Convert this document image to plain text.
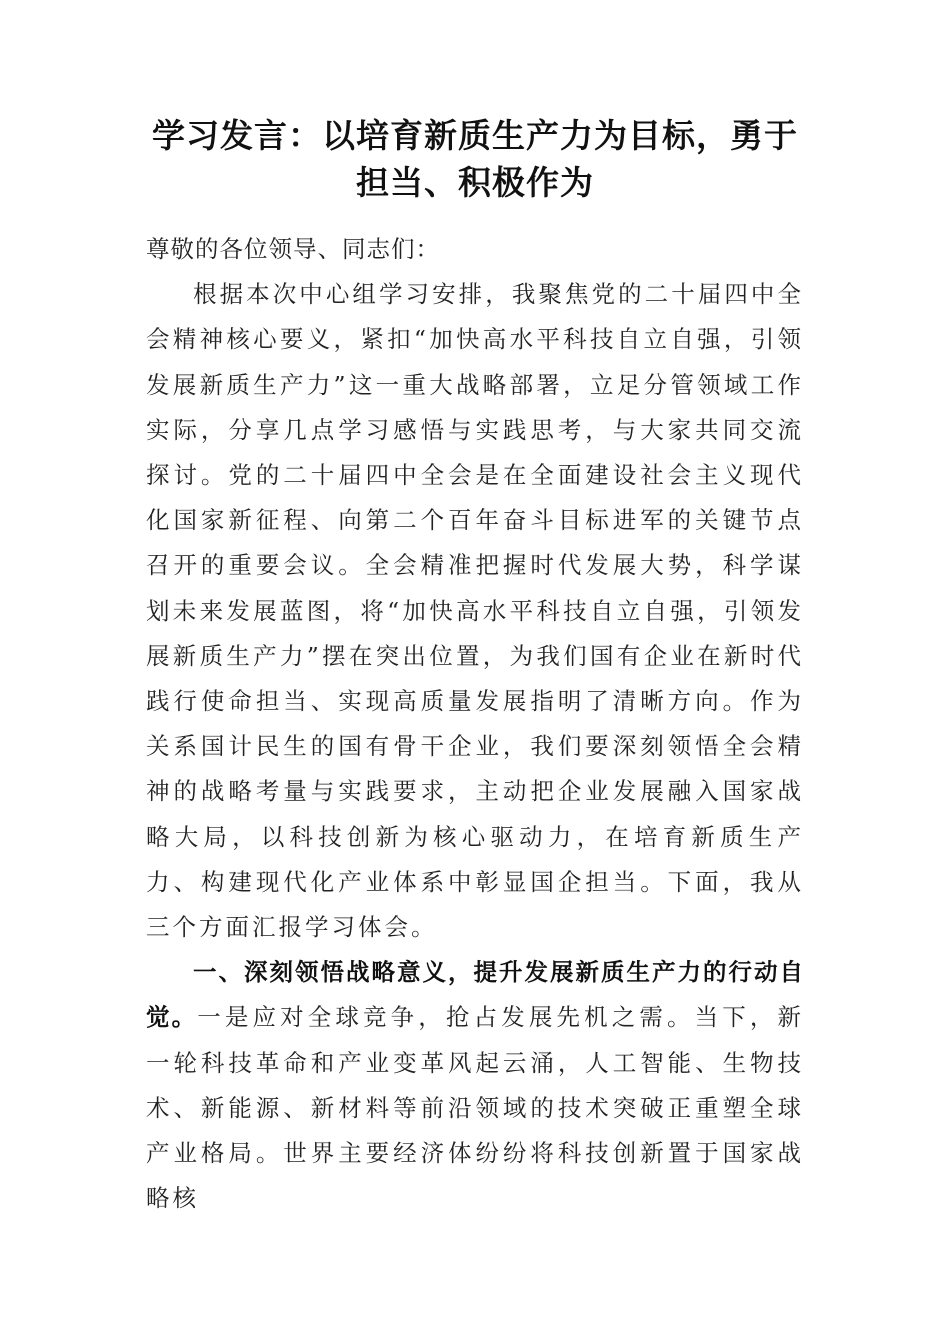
学习发言：以培育新质生产力为目标，勇于担当、积极作为

尊敬的各位领导、同志们：

根据本次中心组学习安排，我聚焦党的二十届四中全会精神核心要义，紧扣“加快高水平科技自立自强，引领发展新质生产力”这一重大战略部署，立足分管领域工作实际，分享几点学习感悟与实践思考，与大家共同交流探讨。党的二十届四中全会是在全面建设社会主义现代化国家新征程、向第二个百年奋斗目标进军的关键节点召开的重要会议。全会精准把握时代发展大势，科学谋划未来发展蓝图，将“加快高水平科技自立自强，引领发展新质生产力”摆在突出位置，为我们国有企业在新时代践行使命担当、实现高质量发展指明了清晰方向。作为关系国计民生的国有骨干企业，我们要深刻领悟全会精神的战略考量与实践要求，主动把企业发展融入国家战略大局，以科技创新为核心驱动力，在培育新质生产力、构建现代化产业体系中彰显国企担当。下面，我从三个方面汇报学习体会。

一、深刻领悟战略意义，提升发展新质生产力的行动自觉。一是应对全球竞争，抢占发展先机之需。当下，新一轮科技革命和产业变革风起云涌，人工智能、生物技术、新能源、新材料等前沿领域的技术突破正重塑全球产业格局。世界主要经济体纷纷将科技创新置于国家战略核
